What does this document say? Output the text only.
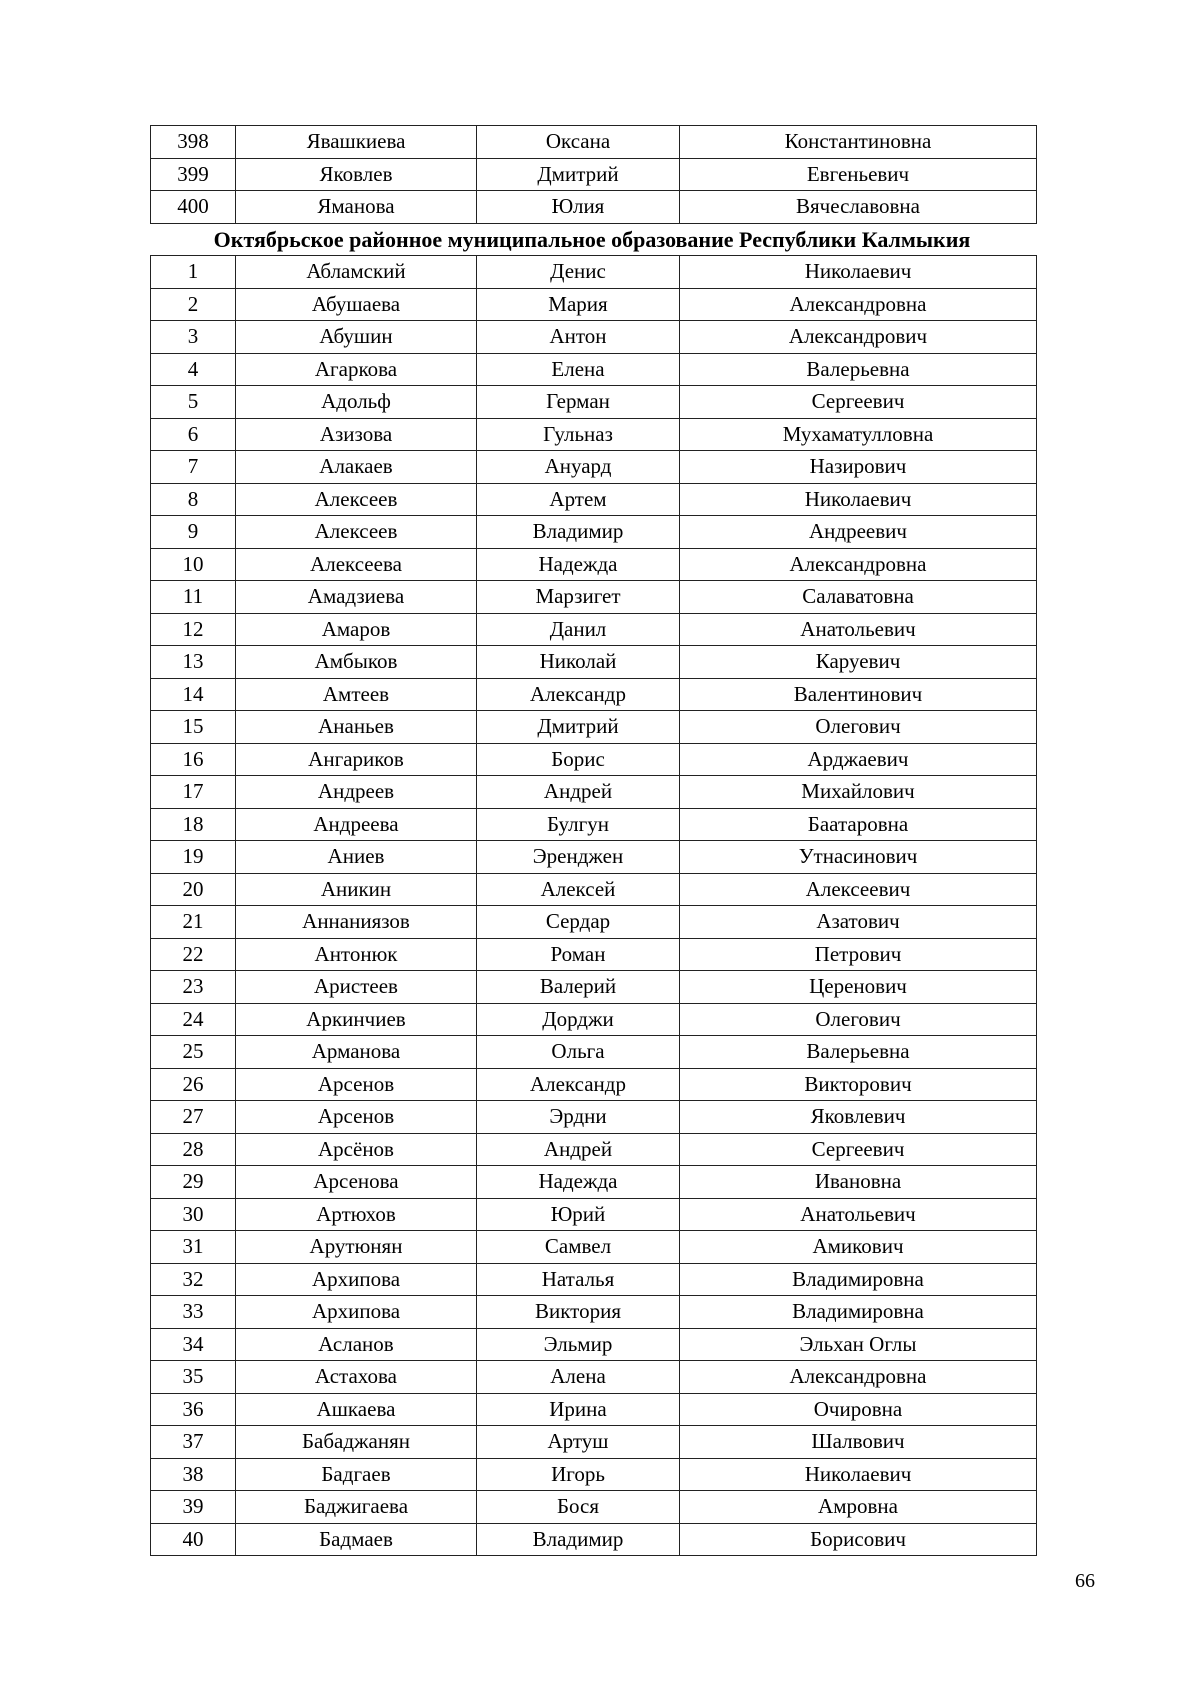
398	Явашкиева	Оксана	Константиновна
399	Яковлев	Дмитрий	Евгеньевич
400	Яманова	Юлия	Вячеславовна
Октябрьское районное муниципальное образование Республики Калмыкия
1	Абламский	Денис	Николаевич
2	Абушаева	Мария	Александровна
3	Абушин	Антон	Александрович
4	Агаркова	Елена	Валерьевна
5	Адольф	Герман	Сергеевич
6	Азизова	Гульназ	Мухаматулловна
7	Алакаев	Ануард	Назирович
8	Алексеев	Артем	Николаевич
9	Алексеев	Владимир	Андреевич
10	Алексеева	Надежда	Александровна
11	Амадзиева	Марзигет	Салаватовна
12	Амаров	Данил	Анатольевич
13	Амбыков	Николай	Каруевич
14	Амтеев	Александр	Валентинович
15	Ананьев	Дмитрий	Олегович
16	Ангариков	Борис	Арджаевич
17	Андреев	Андрей	Михайлович
18	Андреева	Булгун	Баатаровна
19	Аниев	Эренджен	Утнасинович
20	Аникин	Алексей	Алексеевич
21	Аннаниязов	Сердар	Азатович
22	Антонюк	Роман	Петрович
23	Аристеев	Валерий	Церенович
24	Аркинчиев	Дорджи	Олегович
25	Арманова	Ольга	Валерьевна
26	Арсенов	Александр	Викторович
27	Арсенов	Эрдни	Яковлевич
28	Арсёнов	Андрей	Сергеевич
29	Арсенова	Надежда	Ивановна
30	Артюхов	Юрий	Анатольевич
31	Арутюнян	Самвел	Амикович
32	Архипова	Наталья	Владимировна
33	Архипова	Виктория	Владимировна
34	Асланов	Эльмир	Эльхан Оглы
35	Астахова	Алена	Александровна
36	Ашкаева	Ирина	Очировна
37	Бабаджанян	Артуш	Шалвович
38	Бадгаев	Игорь	Николаевич
39	Баджигаева	Бося	Амровна
40	Бадмаев	Владимир	Борисович
66
